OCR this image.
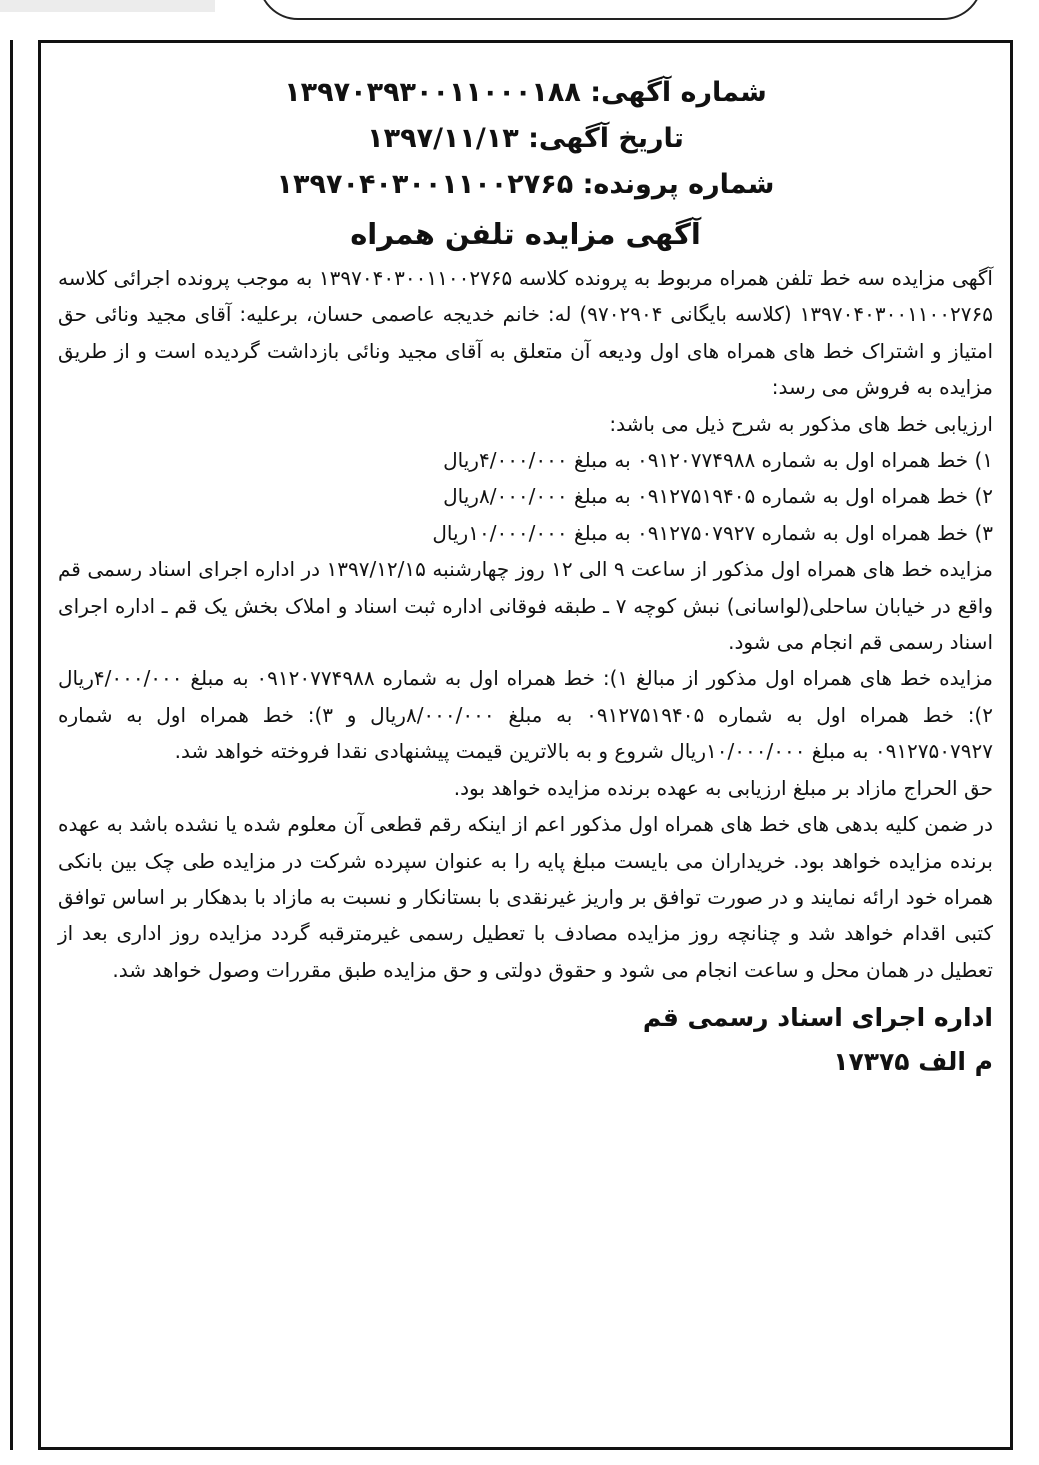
شماره آگهی: ۱۳۹۷۰۳۹۳۰۰۱۱۰۰۰۱۸۸
تاریخ آگهی: ۱۳۹۷/۱۱/۱۳
شماره پرونده: ۱۳۹۷۰۴۰۳۰۰۱۱۰۰۲۷۶۵
آگهی مزایده تلفن همراه

آگهی مزایده سه خط تلفن همراه مربوط به پرونده کلاسه ۱۳۹۷۰۴۰۳۰۰۱۱۰۰۲۷۶۵ به موجب پرونده اجرائی کلاسه ۱۳۹۷۰۴۰۳۰۰۱۱۰۰۲۷۶۵ (کلاسه بایگانی ۹۷۰۲۹۰۴) له: خانم خدیجه عاصمی حسان، برعلیه: آقای مجید ونائی حق امتیاز و اشتراک خط های همراه های اول ودیعه آن متعلق به آقای مجید ونائی بازداشت گردیده است و از طریق مزایده به فروش می رسد:

ارزیابی خط های مذکور به شرح ذیل می باشد:

۱) خط همراه اول به شماره ۰۹۱۲۰۷۷۴۹۸۸ به مبلغ ۴/۰۰۰/۰۰۰ریال

۲) خط همراه اول به شماره ۰۹۱۲۷۵۱۹۴۰۵ به مبلغ ۸/۰۰۰/۰۰۰ریال

۳) خط همراه اول به شماره ۰۹۱۲۷۵۰۷۹۲۷ به مبلغ ۱۰/۰۰۰/۰۰۰ریال

مزایده خط های همراه اول مذکور از ساعت ۹ الی ۱۲ روز چهارشنبه ۱۳۹۷/۱۲/۱۵ در اداره اجرای اسناد رسمی قم واقع در خیابان ساحلی(لواسانی) نبش کوچه ۷ ـ طبقه فوقانی اداره ثبت اسناد و املاک بخش یک قم ـ اداره اجرای اسناد رسمی قم انجام می شود.

مزایده خط های همراه اول مذکور از مبالغ ۱): خط همراه اول به شماره ۰۹۱۲۰۷۷۴۹۸۸ به مبلغ ۴/۰۰۰/۰۰۰ریال ۲): خط همراه اول به شماره ۰۹۱۲۷۵۱۹۴۰۵ به مبلغ ۸/۰۰۰/۰۰۰ریال و ۳): خط همراه اول به شماره ۰۹۱۲۷۵۰۷۹۲۷ به مبلغ ۱۰/۰۰۰/۰۰۰ریال شروع و به بالاترین قیمت پیشنهادی نقدا فروخته خواهد شد.

حق الحراج مازاد بر مبلغ ارزیابی به عهده برنده مزایده خواهد بود.

در ضمن کلیه بدهی های خط های همراه اول مذکور اعم از اینکه رقم قطعی آن معلوم شده یا نشده باشد به عهده برنده مزایده خواهد بود. خریداران می بایست مبلغ پایه را به عنوان سپرده شرکت در مزایده طی چک بین بانکی همراه خود ارائه نمایند و در صورت توافق بر واریز غیرنقدی با بستانکار و نسبت به مازاد با بدهکار بر اساس توافق کتبی اقدام خواهد شد و چنانچه روز مزایده مصادف با تعطیل رسمی غیرمترقبه گردد مزایده روز اداری بعد از تعطیل در همان محل و ساعت انجام می شود و حقوق دولتی و حق مزایده طبق مقررات وصول خواهد شد.

اداره اجرای اسناد رسمی قم
م الف ۱۷۳۷۵
